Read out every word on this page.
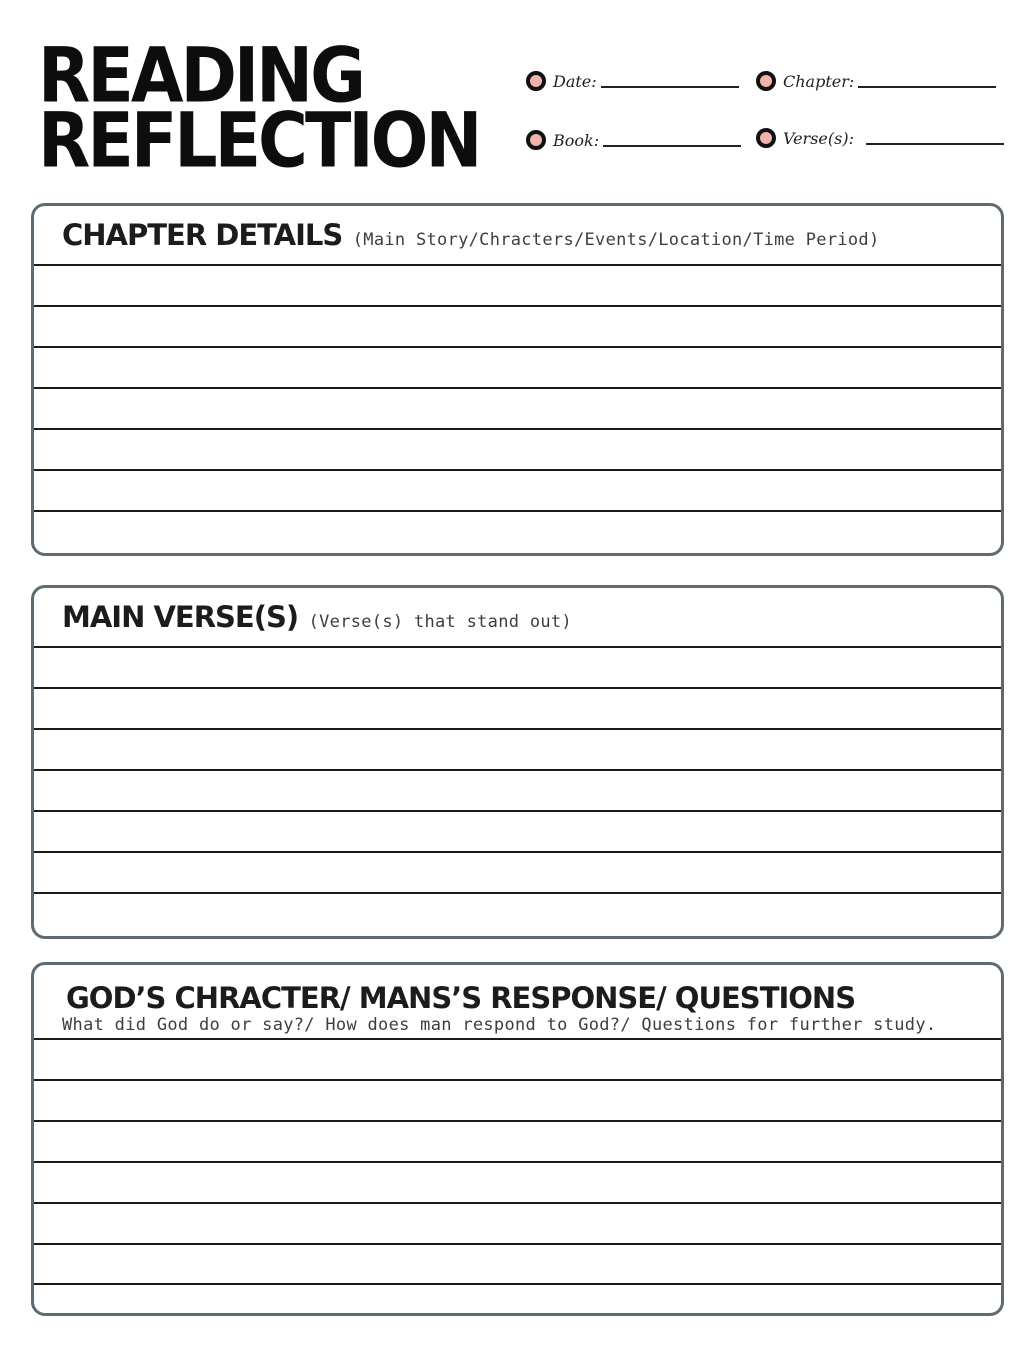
READING
REFLECTION
Date:	Chapter:
Book:	Verse(s):
CHAPTER DETAILS (Main Story/Chracters/Events/Location/Time Period)
MAIN VERSE(S) (Verse(s) that stand out)
GOD’S CHRACTER/ MANS’S RESPONSE/ QUESTIONS
What did God do or say?/ How does man respond to God?/ Questions for further study.
